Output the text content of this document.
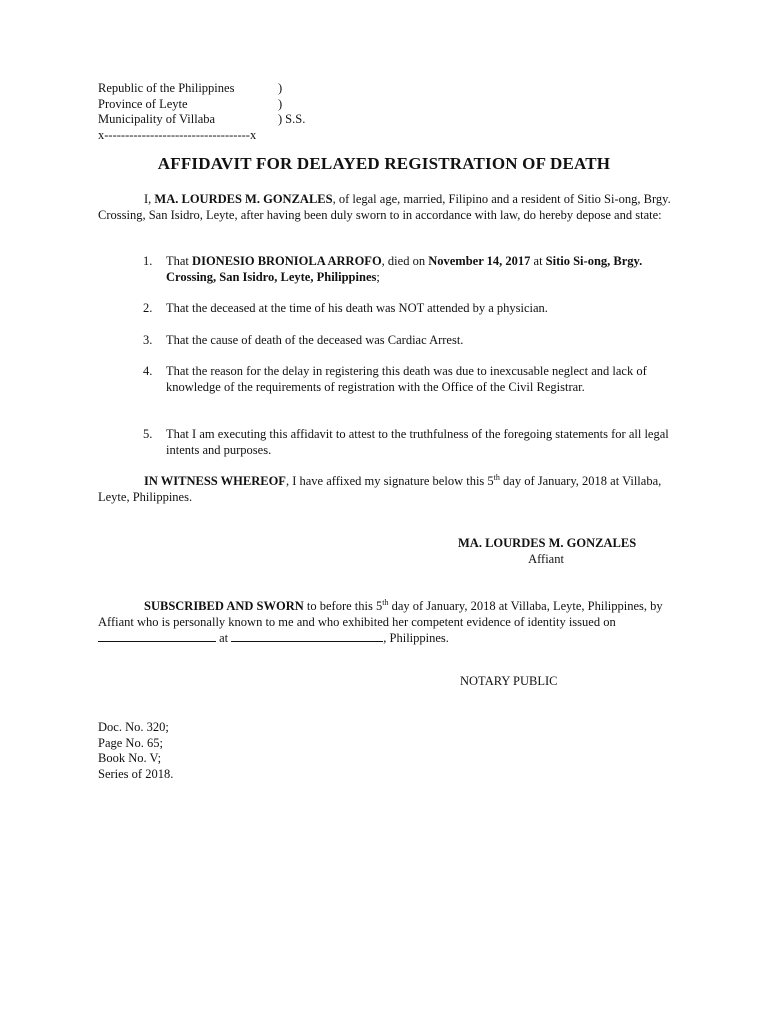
Republic of the Philippines	)
Province of Leyte	)
Municipality of Villaba	) S.S.
x-----------------------------------x
AFFIDAVIT FOR DELAYED REGISTRATION OF DEATH
I, MA. LOURDES M. GONZALES, of legal age, married, Filipino and a resident of Sitio Si-ong, Brgy. Crossing, San Isidro, Leyte, after having been duly sworn to in accordance with law, do hereby depose and state:
1.	That DIONESIO BRONIOLA ARROFO, died on November 14, 2017 at Sitio Si-ong, Brgy. Crossing, San Isidro, Leyte, Philippines;
2.	That the deceased at the time of his death was NOT attended by a physician.
3.	That the cause of death of the deceased was Cardiac Arrest.
4.	That the reason for the delay in registering this death was due to inexcusable neglect and lack of knowledge of the requirements of registration with the Office of the Civil Registrar.
5.	That I am executing this affidavit to attest to the truthfulness of the foregoing statements for all legal intents and purposes.
IN WITNESS WHEREOF, I have affixed my signature below this 5th day of January, 2018 at Villaba, Leyte, Philippines.
MA. LOURDES M. GONZALES
Affiant
SUBSCRIBED AND SWORN to before this 5th day of January, 2018 at Villaba, Leyte, Philippines, by Affiant who is personally known to me and who exhibited her competent evidence of identity issued on  at	, Philippines.
NOTARY PUBLIC
Doc. No. 320;
Page No. 65;
Book No. V;
Series of 2018.
